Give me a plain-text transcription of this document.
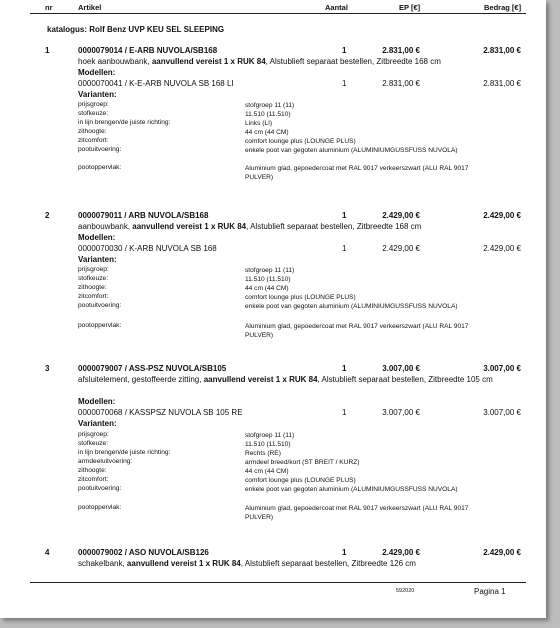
nr	Artikel	Aantal	EP [€]	Bedrag [€]
katalogus: Rolf Benz UVP KEU SEL SLEEPING
1	0000079014 / E-ARB NUVOLA/SB168	1	2.831,00 €	2.831,00 €
hoek aanbouwbank, aanvullend vereist 1 x RUK 84, Alstublieft separaat bestellen, Zitbreedte 168 cm
Modellen:
0000070041 / K-E-ARB NUVOLA SB 168 LI	1	2.831,00 €	2.831,00 €
Varianten:
prijsgroep:	stofgroep 11 (11)
stofkeuze:	11.510 (11.510)
in lijn brengen/de juiste richting:	Links (LI)
zithoogte:	44 cm (44 CM)
zitcomfort:	comfort lounge plus (LOUNGE PLUS)
pootuitvoering:	enkele poot van gegoten aluminium (ALUMINIUMGUSSFUSS NUVOLA)
pootoppervlak:	Aluminium glad, gepoedercoat met RAL 9017 verkeerszwart (ALU RAL 9017 PULVER)
2	0000079011 / ARB NUVOLA/SB168	1	2.429,00 €	2.429,00 €
aanbouwbank, aanvullend vereist 1 x RUK 84, Alstublieft separaat bestellen, Zitbreedte 168 cm
Modellen:
0000070030 / K-ARB NUVOLA SB 168	1	2.429,00 €	2.429,00 €
Varianten:
prijsgroep:	stofgroep 11 (11)
stofkeuze:	11.510 (11.510)
zithoogte:	44 cm (44 CM)
zitcomfort:	comfort lounge plus (LOUNGE PLUS)
pootuitvoering:	enkele poot van gegoten aluminium (ALUMINIUMGUSSFUSS NUVOLA)
pootoppervlak:	Aluminium glad, gepoedercoat met RAL 9017 verkeerszwart (ALU RAL 9017 PULVER)
3	0000079007 / ASS-PSZ NUVOLA/SB105	1	3.007,00 €	3.007,00 €
afsluitelement, gestoffeerde zitting, aanvullend vereist 1 x RUK 84, Alstublieft separaat bestellen, Zitbreedte 105 cm
Modellen:
0000070068 / KASSPSZ NUVOLA SB 105 RE	1	3.007,00 €	3.007,00 €
Varianten:
prijsgroep:	stofgroep 11 (11)
stofkeuze:	11.510 (11.510)
in lijn brengen/de juiste richting:	Rechts (RE)
armdeeluitvoering:	armdeel breed/kort (ST BREIT / KURZ)
zithoogte:	44 cm (44 CM)
zitcomfort:	comfort lounge plus (LOUNGE PLUS)
pootuitvoering:	enkele poot van gegoten aluminium (ALUMINIUMGUSSFUSS NUVOLA)
pootoppervlak:	Aluminium glad, gepoedercoat met RAL 9017 verkeerszwart (ALU RAL 9017 PULVER)
4	0000079002 / ASO NUVOLA/SB126	1	2.429,00 €	2.429,00 €
schakelbank, aanvullend vereist 1 x RUK 84, Alstublieft separaat bestellen, Zitbreedte 126 cm
592020	Pagina 1
